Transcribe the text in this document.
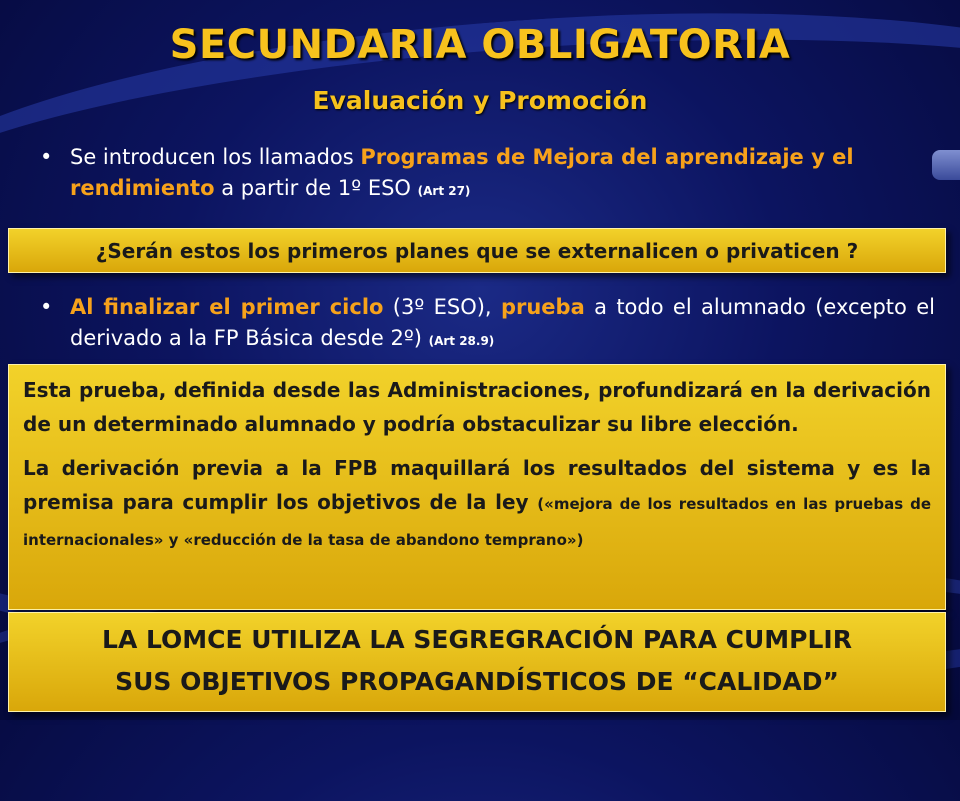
SECUNDARIA OBLIGATORIA
Evaluación y Promoción
• Se introducen los llamados Programas de Mejora del aprendizaje y el rendimiento a partir de 1º ESO (Art 27)
¿Serán estos los primeros planes que se externalicen o privaticen ?
• Al finalizar el primer ciclo (3º ESO), prueba a todo el alumnado (excepto el derivado a la FP Básica desde 2º) (Art 28.9)

Esta prueba, definida desde las Administraciones, profundizará en la derivación de un determinado alumnado y podría obstaculizar su libre elección.

La derivación previa a la FPB maquillará los resultados del sistema y es la premisa para cumplir los objetivos de la ley («mejora de los resultados en las pruebas de internacionales» y «reducción de la tasa de abandono temprano»)

LA LOMCE UTILIZA LA SEGREGRACIÓN PARA CUMPLIR
SUS OBJETIVOS PROPAGANDÍSTICOS DE “CALIDAD”
